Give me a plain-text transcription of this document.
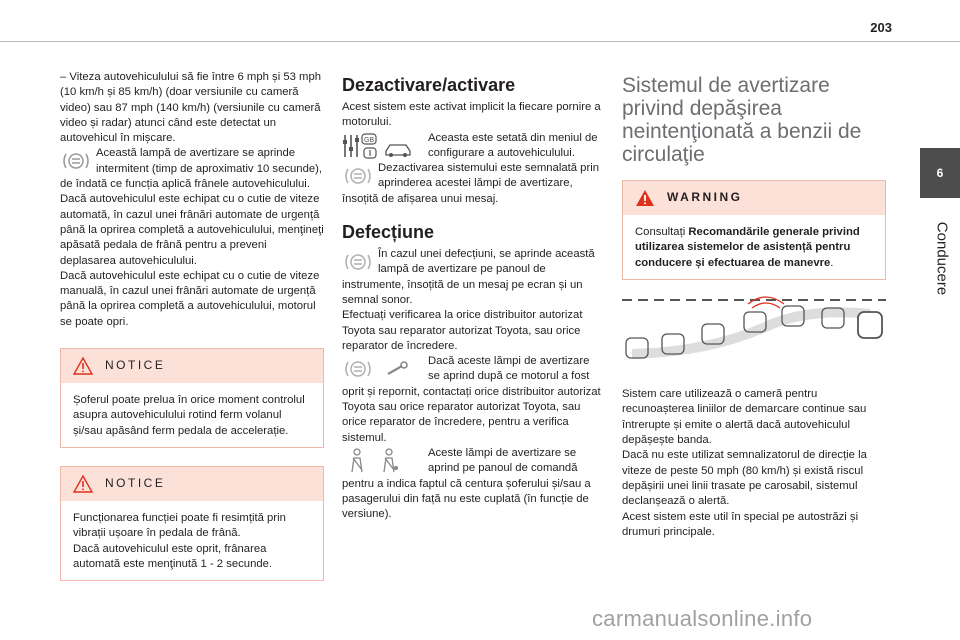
203
6
Conducere

– Viteza autovehiculului să fie între 6 mph și 53 mph (10 km/h și 85 km/h) (doar versiunile cu cameră video) sau 87 mph (140 km/h) (versiunile cu cameră video și radar) atunci când este detectat un autovehicul în mișcare.

Această lampă de avertizare se aprinde intermitent (timp de aproximativ 10 secunde), de îndată ce funcția aplică frânele autovehiculului.

Dacă autovehiculul este echipat cu o cutie de viteze automată, în cazul unei frânări automate de urgență până la oprirea completă a autovehiculului, menţineţi apăsată pedala de frână pentru a preveni deplasarea autovehiculului.

Dacă autovehiculul este echipat cu o cutie de viteze manuală, în cazul unei frânări automate de urgență până la oprirea completă a autovehiculului, motorul se poate opri.

NOTICE

Șoferul poate prelua în orice moment controlul asupra autovehiculului rotind ferm volanul și/sau apăsând ferm pedala de accelerație.

NOTICE

Funcționarea funcției poate fi resimțită prin vibrații ușoare în pedala de frână.

Dacă autovehiculul este oprit, frânarea automată este menţinută 1 - 2 secunde.

Dezactivare/activare

Acest sistem este activat implicit la fiecare pornire a motorului.

GB	Aceasta este setată din meniul de configurare a autovehiculului.

Dezactivarea sistemului este semnalată prin aprinderea acestei lămpi de avertizare, însoțită de afișarea unui mesaj.

Defecțiune

În cazul unei defecțiuni, se aprinde această lampă de avertizare pe panoul de instrumente, însoțită de un mesaj pe ecran și un semnal sonor.

Efectuați verificarea la orice distribuitor autorizat Toyota sau reparator autorizat Toyota, sau orice reparator de încredere.

Dacă aceste lămpi de avertizare se aprind după ce motorul a fost oprit și repornit, contactați orice distribuitor autorizat Toyota sau orice reparator autorizat Toyota, sau orice reparator de încredere, pentru a verifica sistemul.

Aceste lămpi de avertizare se aprind pe panoul de comandă pentru a indica faptul că centura șoferului și/sau a pasagerului din față nu este cuplată (în funcție de versiune).

Sistemul de avertizare privind depăşirea neintenţionată a benzii de circulaţie
WARNING
Consultați Recomandările generale privind utilizarea sistemelor de asistență pentru conducere și efectuarea de manevre.

Sistem care utilizează o cameră pentru recunoașterea liniilor de demarcare continue sau întrerupte și emite o alertă dacă autovehiculul depășește banda.

Dacă nu este utilizat semnalizatorul de direcție la viteze de peste 50 mph (80 km/h) și există riscul depășirii unei linii trasate pe carosabil, sistemul declanșează o alertă.

Acest sistem este util în special pe autostrăzi și drumuri principale.

carmanualsonline.info
